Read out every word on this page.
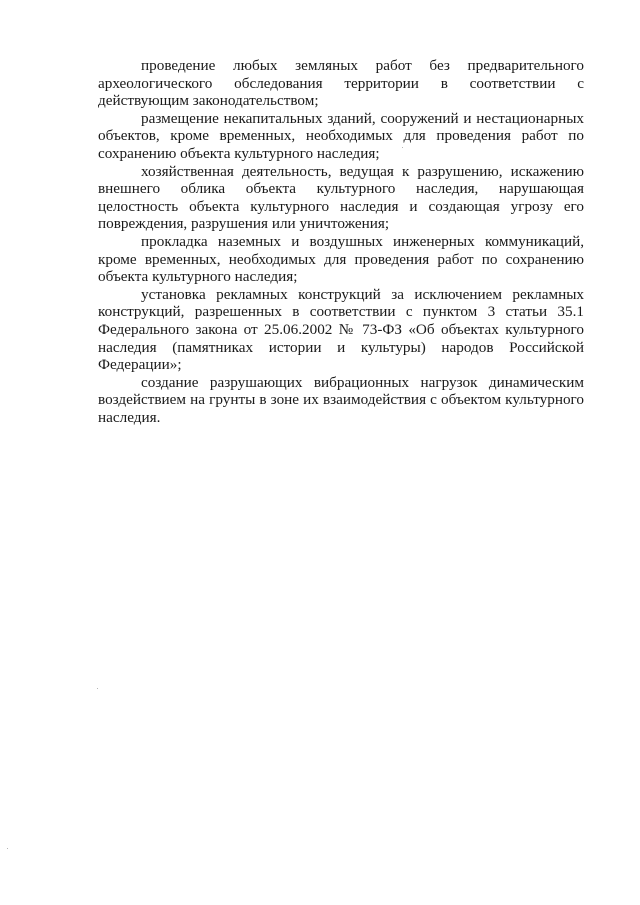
проведение любых земляных работ без предварительного археологического обследования территории в соответствии с действующим законодательством;

размещение некапитальных зданий, сооружений и нестационарных объектов, кроме временных, необходимых для проведения работ по сохранению объекта культурного наследия;

хозяйственная деятельность, ведущая к разрушению, искажению внешнего облика объекта культурного наследия, нарушающая целостность объекта культурного наследия и создающая угрозу его повреждения, разрушения или уничтожения;

прокладка наземных и воздушных инженерных коммуникаций, кроме временных, необходимых для проведения работ по сохранению объекта культурного наследия;

установка рекламных конструкций за исключением рекламных конструкций, разрешенных в соответствии с пунктом 3 статьи 35.1 Федерального закона от 25.06.2002 № 73-ФЗ «Об объектах культурного наследия (памятниках истории и культуры) народов Российской Федерации»;

создание разрушающих вибрационных нагрузок динамическим воздействием на грунты в зоне их взаимодействия с объектом культурного наследия.
